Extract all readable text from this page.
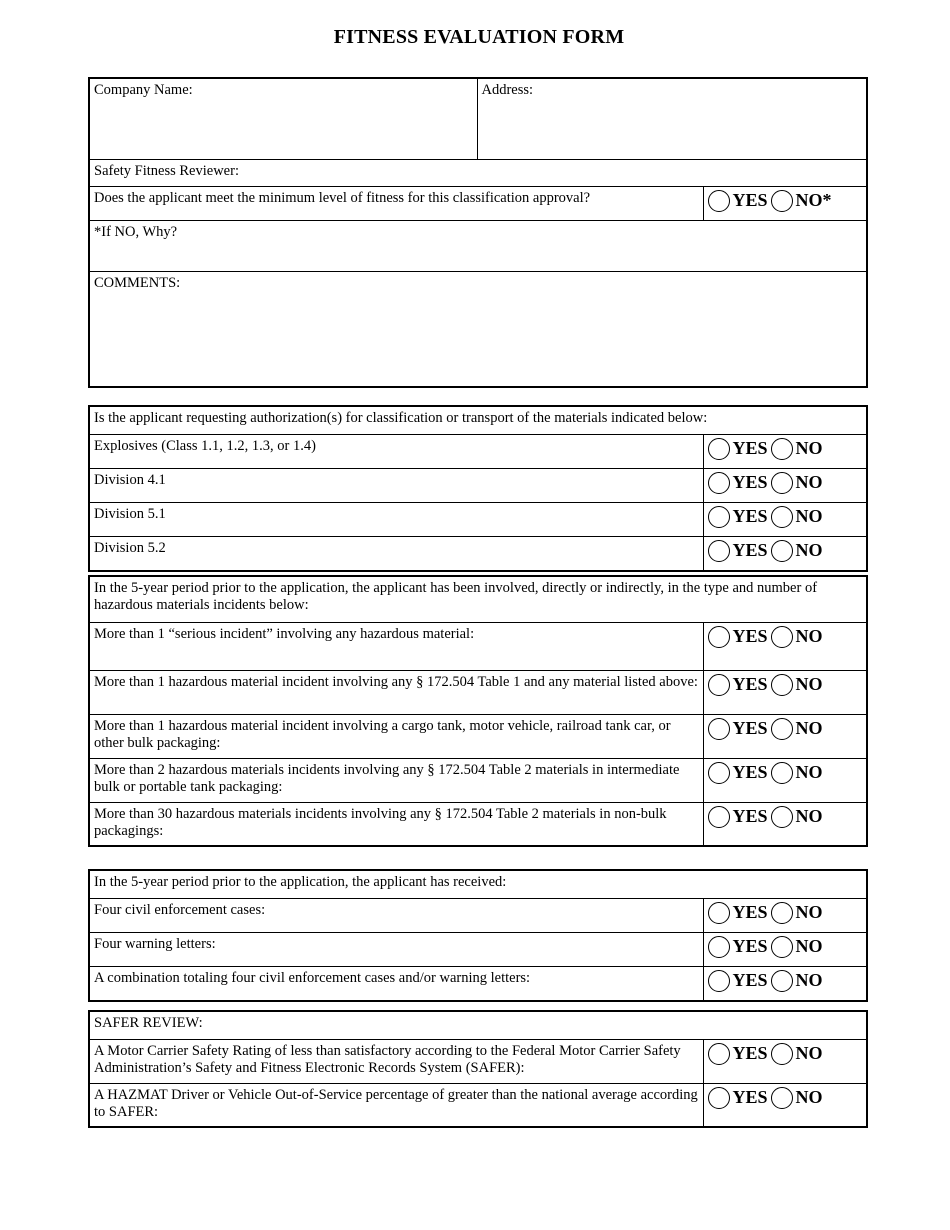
FITNESS EVALUATION FORM
Company Name:	Address:	
Safety Fitness Reviewer:		
Does the applicant meet the minimum level of fitness for this classification approval?		YES NO*

*If NO, Why?		
COMMENTS:		
Is the applicant requesting authorization(s) for classification or transport of the materials indicated below:	
Explosives (Class 1.1, 1.2, 1.3, or 1.4)	YES NO

Division 4.1	YES NO

Division 5.1	YES NO

Division 5.2	YES NO
In the 5-year period prior to the application, the applicant has been involved, directly or indirectly, in the type and number of hazardous materials incidents below:	
More than 1 “serious incident” involving any hazardous material:	YES NO

More than 1 hazardous material incident involving any § 172.504 Table 1 and any material listed above:	YES NO

More than 1 hazardous material incident involving a cargo tank, motor vehicle, railroad tank car, or other bulk packaging:	YES NO

More than 2 hazardous materials incidents involving any § 172.504 Table 2 materials in intermediate bulk or portable tank packaging:	YES NO

More than 30 hazardous materials incidents involving any § 172.504 Table 2 materials in non-bulk packagings:	YES NO
In the 5-year period prior to the application, the applicant has received:	
Four civil enforcement cases:	YES NO

Four warning letters:	YES NO

A combination totaling four civil enforcement cases and/or warning letters:	YES NO
SAFER REVIEW:	
A Motor Carrier Safety Rating of less than satisfactory according to the Federal Motor Carrier Safety Administration’s Safety and Fitness Electronic Records System (SAFER):	YES NO

A HAZMAT Driver or Vehicle Out-of-Service percentage of greater than the national average according to SAFER:	YES NO
